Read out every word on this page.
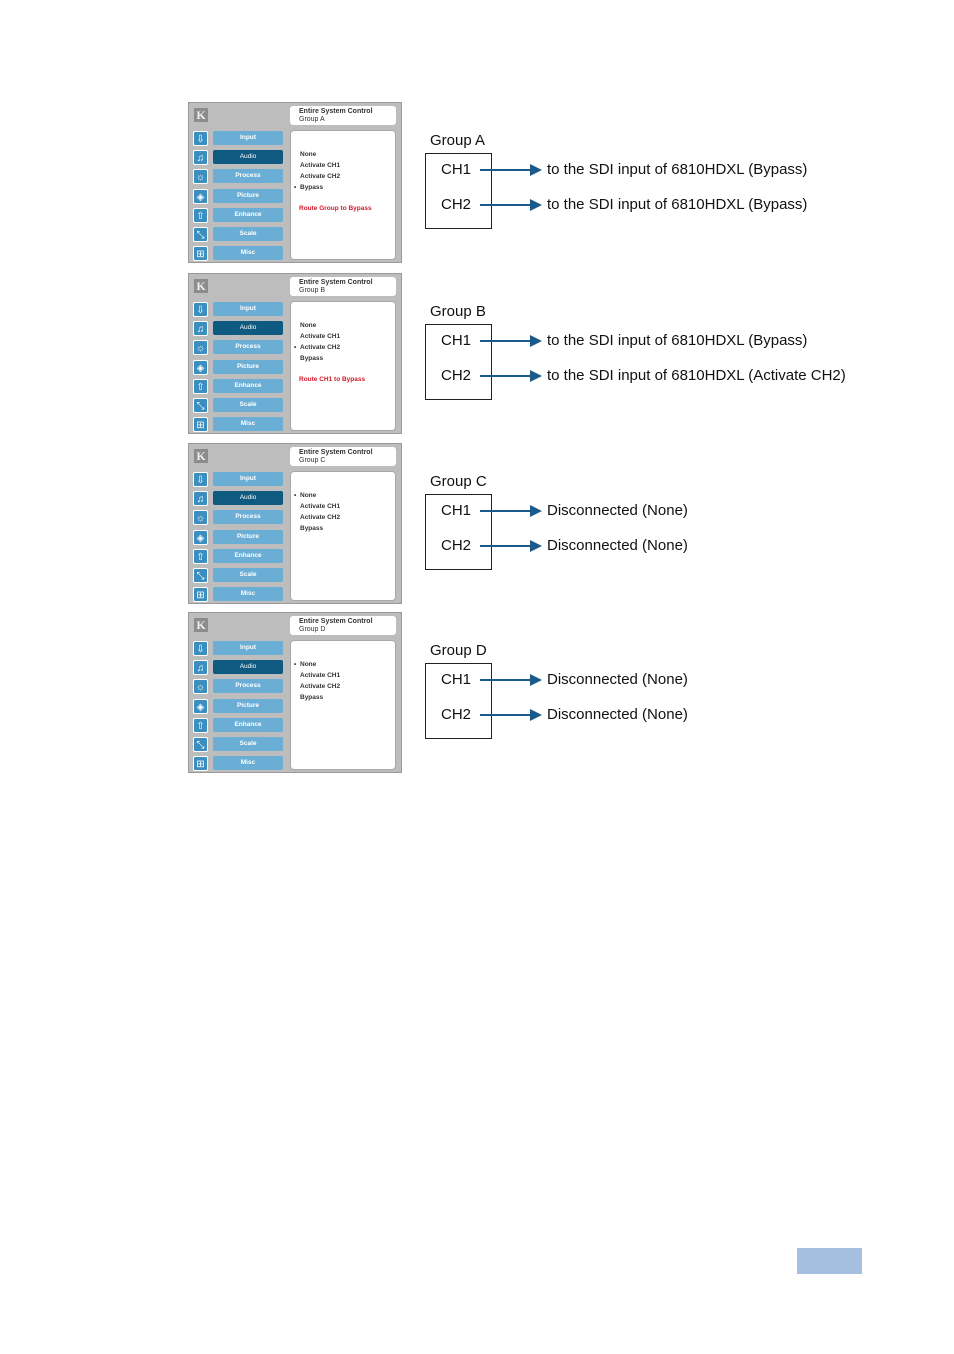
K	Entire System Control
Group A
⇩	Input
♫	Audio
☼	Process
◈	Picture
⇧	Enhance
⤡	Scale
⊞	Misc
None
Activate CH1
Activate CH2
• Bypass
Route Group to Bypass
Group A
CH1	to the SDI input of 6810HDXL (Bypass)
CH2	to the SDI input of 6810HDXL (Bypass)
K	Entire System Control
Group B
⇩	Input
♫	Audio
☼	Process
◈	Picture
⇧	Enhance
⤡	Scale
⊞	Misc
None
Activate CH1
• Activate CH2
Bypass
Route CH1 to Bypass
Group B
CH1	to the SDI input of 6810HDXL (Bypass)
CH2	to the SDI input of 6810HDXL (Activate CH2)
K	Entire System Control
Group C
⇩	Input
♫	Audio
☼	Process
◈	Picture
⇧	Enhance
⤡	Scale
⊞	Misc
• None
Activate CH1
Activate CH2
Bypass
Group C
CH1	Disconnected (None)
CH2	Disconnected (None)
K	Entire System Control
Group D
⇩	Input
♫	Audio
☼	Process
◈	Picture
⇧	Enhance
⤡	Scale
⊞	Misc
• None
Activate CH1
Activate CH2
Bypass
Group D
CH1	Disconnected (None)
CH2	Disconnected (None)
